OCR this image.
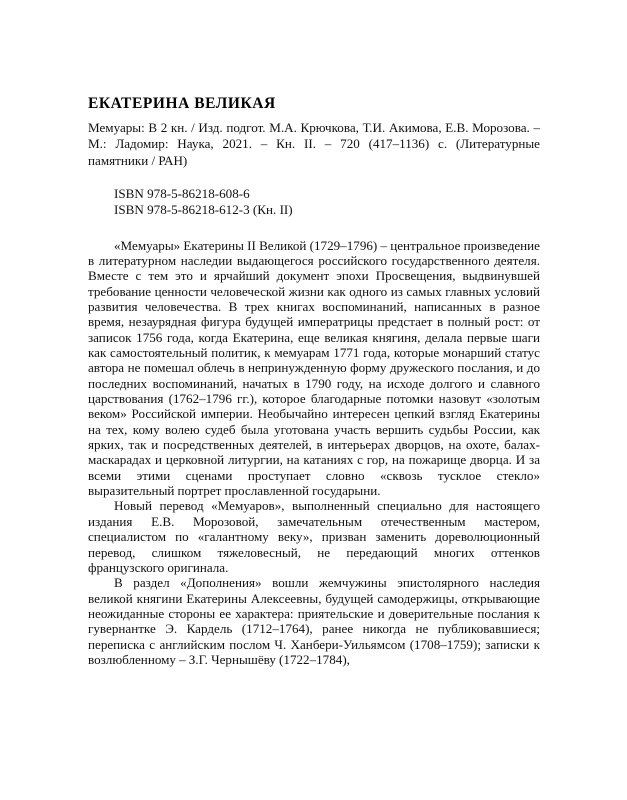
ЕКАТЕРИНА ВЕЛИКАЯ

Мемуары: В 2 кн. / Изд. подгот. М.А. Крючкова, Т.И. Акимова, Е.В. Морозова. – М.: Ладомир: Наука, 2021. – Кн. II. – 720 (417–1136) с. (Литературные памятники / РАН)

ISBN 978-5-86218-608-6
ISBN 978-5-86218-612-3 (Кн. II)

«Мемуары» Екатерины II Великой (1729–1796) – центральное произведение в литературном наследии выдающегося российского государственного деятеля. Вместе с тем это и ярчайший документ эпохи Просвещения, выдвинувшей требование ценности человеческой жизни как одного из самых главных условий развития человечества. В трех книгах воспоминаний, написанных в разное время, незаурядная фигура будущей императрицы предстает в полный рост: от записок 1756 года, когда Екатерина, еще великая княгиня, делала первые шаги как самостоятельный политик, к мемуарам 1771 года, которые монарший статус автора не помешал облечь в непринужденную форму дружеского послания, и до последних воспоминаний, начатых в 1790 году, на исходе долгого и славного царствования (1762–1796 гг.), которое благодарные потомки назовут «золотым веком» Российской империи. Необычайно интересен цепкий взгляд Екатерины на тех, кому волею судеб была уготована участь вершить судьбы России, как ярких, так и посредственных деятелей, в интерьерах дворцов, на охоте, балах-маскарадах и церковной литургии, на катаниях с гор, на пожарище дворца. И за всеми этими сценами проступает словно «сквозь тусклое стекло» выразительный портрет прославленной государыни.

Новый перевод «Мемуаров», выполненный специально для настоящего издания Е.В. Морозовой, замечательным отечественным мастером, специалистом по «галантному веку», призван заменить дореволюционный перевод, слишком тяжеловесный, не передающий многих оттенков французского оригинала.

В раздел «Дополнения» вошли жемчужины эпистолярного наследия великой княгини Екатерины Алексеевны, будущей самодержицы, открывающие неожиданные стороны ее характера: приятельские и доверительные послания к гувернантке Э. Кардель (1712–1764), ранее никогда не публиковавшиеся; переписка с английским послом Ч. Ханбери-Уильямсом (1708–1759); записки к возлюбленному – З.Г. Чернышёву (1722–1784),
